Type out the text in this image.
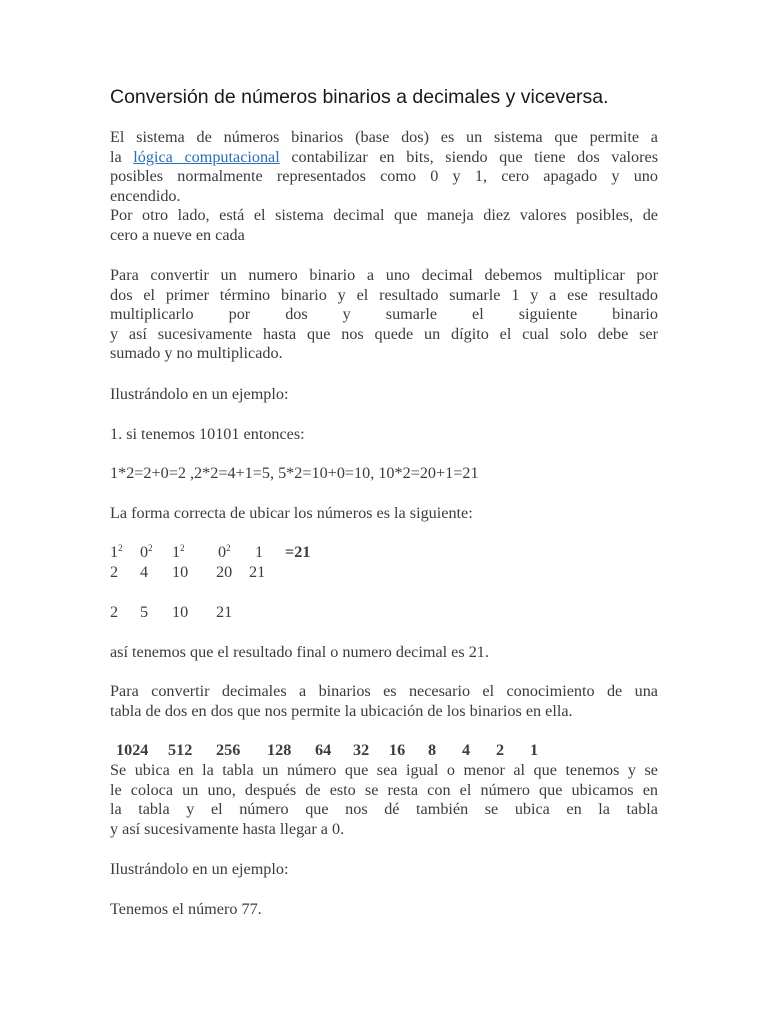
Conversión de números binarios a decimales y viceversa.
El sistema de números binarios (base dos) es un sistema que permite a
la lógica computacional contabilizar en bits, siendo que tiene dos valores
posibles normalmente representados como 0 y 1, cero apagado y uno
encendido.
Por otro lado, está el sistema decimal que maneja diez valores posibles, de
cero a nueve en cada
Para convertir un numero binario a uno decimal debemos multiplicar por
dos el primer término binario y el resultado sumarle 1 y a ese resultado
multiplicarlo por dos y sumarle el siguiente binario
y así sucesivamente hasta que nos quede un dígito el cual solo debe ser
sumado y no multiplicado.
Ilustrándolo en un ejemplo:
1. si tenemos 10101 entonces:
1*2=2+0=2 ,2*2=4+1=5, 5*2=10+0=10, 10*2=20+1=21
La forma correcta de ubicar los números es la siguiente:
$1^2$ $0^2$ $1^2$ $0^2$ 1 =21
2 4 10 20 21
2 5 10 21
así tenemos que el resultado final o numero decimal es 21.
Para convertir decimales a binarios es necesario el conocimiento de una
tabla de dos en dos que nos permite la ubicación de los binarios en ella.
1024 512 256 128 64 32 16 8 4 2 1
Se ubica en la tabla un número que sea igual o menor al que tenemos y se
le coloca un uno, después de esto se resta con el número que ubicamos en
la tabla y el número que nos dé también se ubica en la tabla
y así sucesivamente hasta llegar a 0.
Ilustrándolo en un ejemplo:
Tenemos el número 77.
